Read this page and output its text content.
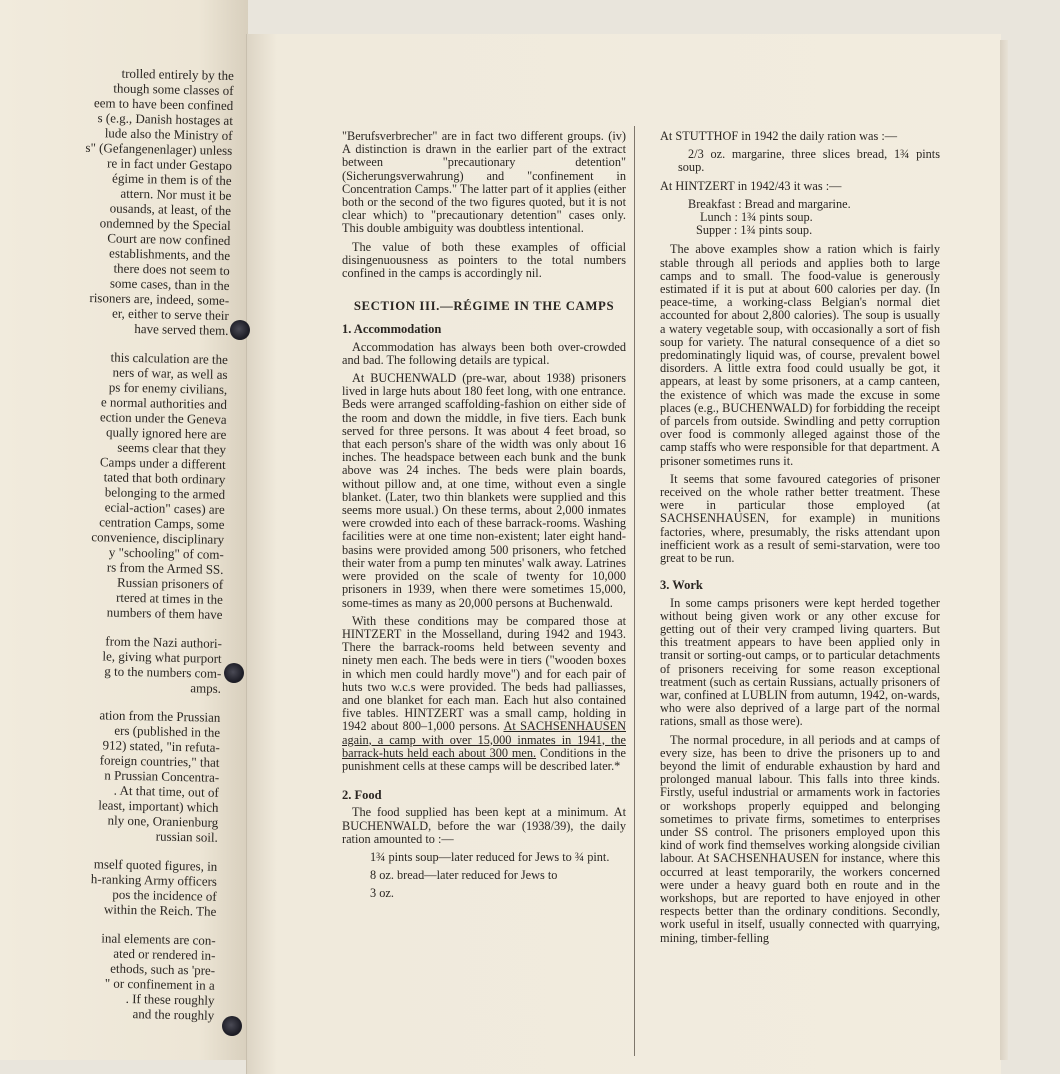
trolled entirely by the
though some classes of
eem to have been confined
s (e.g., Danish hostages at
lude also the Ministry of
s" (Gefangenenlager) unless
re in fact under Gestapo
égime in them is of the
attern. Nor must it be
ousands, at least, of the
ondemned by the Special
Court are now confined
establishments, and the
there does not seem to
some cases, than in the
risoners are, indeed, some-
er, either to serve their
have served them.
this calculation are the
ners of war, as well as
ps for enemy civilians,
e normal authorities and
ection under the Geneva
qually ignored here are
seems clear that they
Camps under a different
tated that both ordinary
belonging to the armed
ecial-action" cases) are
centration Camps, some
convenience, disciplinary
y "schooling" of com-
rs from the Armed SS.
Russian prisoners of
rtered at times in the
numbers of them have
from the Nazi authori-
le, giving what purport
g to the numbers com-
amps.
ation from the Prussian
ers (published in the
912) stated, "in refuta-
foreign countries," that
n Prussian Concentra-
. At that time, out of
least, important) which
nly one, Oranienburg
russian soil.
mself quoted figures, in
h-ranking Army officers
pos the incidence of
within the Reich. The
inal elements are con-
ated or rendered in-
ethods, such as 'pre-
" or confinement in a
. If these roughly
and the roughly

"Berufsverbrecher" are in fact two different groups. (iv) A distinction is drawn in the earlier part of the extract between "precautionary detention" (Sicherungsverwahrung) and "confinement in Concentration Camps." The latter part of it applies (either both or the second of the two figures quoted, but it is not clear which) to "precautionary detention" cases only. This double ambiguity was doubtless intentional.

The value of both these examples of official disingenuousness as pointers to the total numbers confined in the camps is accordingly nil.

SECTION III.—RÉGIME IN THE CAMPS
1. Accommodation

Accommodation has always been both over-crowded and bad. The following details are typical.

At BUCHENWALD (pre-war, about 1938) prisoners lived in large huts about 180 feet long, with one entrance. Beds were arranged scaffolding-fashion on either side of the room and down the middle, in five tiers. Each bunk served for three persons. It was about 4 feet broad, so that each person's share of the width was only about 16 inches. The headspace between each bunk and the bunk above was 24 inches. The beds were plain boards, without pillow and, at one time, without even a single blanket. (Later, two thin blankets were supplied and this seems more usual.) On these terms, about 2,000 inmates were crowded into each of these barrack-rooms. Washing facilities were at one time non-existent; later eight hand-basins were provided among 500 prisoners, who fetched their water from a pump ten minutes' walk away. Latrines were provided on the scale of twenty for 10,000 prisoners in 1939, when there were sometimes 15,000, some-times as many as 20,000 persons at Buchenwald.

With these conditions may be compared those at HINTZERT in the Mosselland, during 1942 and 1943. There the barrack-rooms held between seventy and ninety men each. The beds were in tiers ("wooden boxes in which men could hardly move") and for each pair of huts two w.c.s were provided. The beds had palliasses, and one blanket for each man. Each hut also contained five tables. HINTZERT was a small camp, holding in 1942 about 800–1,000 persons. At SACHSENHAUSEN again, a camp with over 15,000 inmates in 1941, the barrack-huts held each about 300 men. Conditions in the punishment cells at these camps will be described later.*

2. Food

The food supplied has been kept at a minimum. At BUCHENWALD, before the war (1938/39), the daily ration amounted to :—

1¾ pints soup—later reduced for Jews to ¾ pint.

8 oz. bread—later reduced for Jews to

3 oz.

At STUTTHOF in 1942 the daily ration was :—

2/3 oz. margarine, three slices bread, 1¾ pints soup.

At HINTZERT in 1942/43 it was :—

Breakfast : Bread and margarine.

Lunch : 1¾ pints soup.

Supper : 1¾ pints soup.

The above examples show a ration which is fairly stable through all periods and applies both to large camps and to small. The food-value is generously estimated if it is put at about 600 calories per day. (In peace-time, a working-class Belgian's normal diet accounted for about 2,800 calories). The soup is usually a watery vegetable soup, with occasionally a sort of fish soup for variety. The natural consequence of a diet so predominatingly liquid was, of course, prevalent bowel disorders. A little extra food could usually be got, it appears, at least by some prisoners, at a camp canteen, the existence of which was made the excuse in some places (e.g., BUCHENWALD) for forbidding the receipt of parcels from outside. Swindling and petty corruption over food is commonly alleged against those of the camp staffs who were responsible for that department. A prisoner sometimes runs it.

It seems that some favoured categories of prisoner received on the whole rather better treatment. These were in particular those employed (at SACHSENHAUSEN, for example) in munitions factories, where, presumably, the risks attendant upon inefficient work as a result of semi-starvation, were too great to be run.

3. Work

In some camps prisoners were kept herded together without being given work or any other excuse for getting out of their very cramped living quarters. But this treatment appears to have been applied only in transit or sorting-out camps, or to particular detachments of prisoners receiving for some reason exceptional treatment (such as certain Russians, actually prisoners of war, confined at LUBLIN from autumn, 1942, on-wards, who were also deprived of a large part of the normal rations, small as those were).

The normal procedure, in all periods and at camps of every size, has been to drive the prisoners up to and beyond the limit of endurable exhaustion by hard and prolonged manual labour. This falls into three kinds. Firstly, useful industrial or armaments work in factories or workshops properly equipped and belonging sometimes to private firms, sometimes to enterprises under SS control. The prisoners employed upon this kind of work find themselves working alongside civilian labour. At SACHSENHAUSEN for instance, where this occurred at least temporarily, the workers concerned were under a heavy guard both en route and in the workshops, but are reported to have enjoyed in other respects better than the ordinary conditions. Secondly, work useful in itself, usually connected with quarrying, mining, timber-felling
